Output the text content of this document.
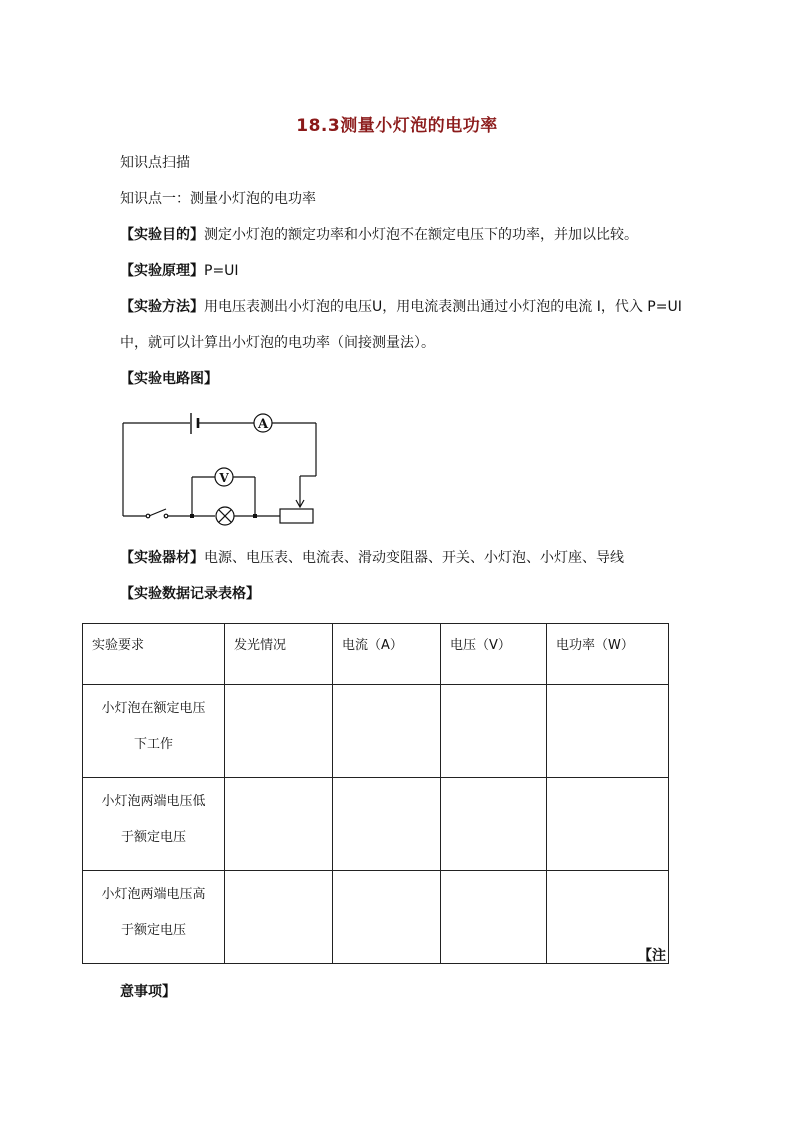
18.3测量小灯泡的电功率
知识点扫描
知识点一：测量小灯泡的电功率
【实验目的】测定小灯泡的额定功率和小灯泡不在额定电压下的功率，并加以比较。
【实验原理】P=UI
【实验方法】用电压表测出小灯泡的电压U，用电流表测出通过小灯泡的电流 I，代入 P=UI
中，就可以计算出小灯泡的电功率（间接测量法）。
【实验电路图】
A
V
【实验器材】电源、电压表、电流表、滑动变阻器、开关、小灯泡、小灯座、导线
【实验数据记录表格】
实验要求	发光情况	电流（A）	电压（V）	电功率（W）

小灯泡在额定电压
下工作				

小灯泡两端电压低
于额定电压				

小灯泡两端电压高
于额定电压				

【注
意事项】
